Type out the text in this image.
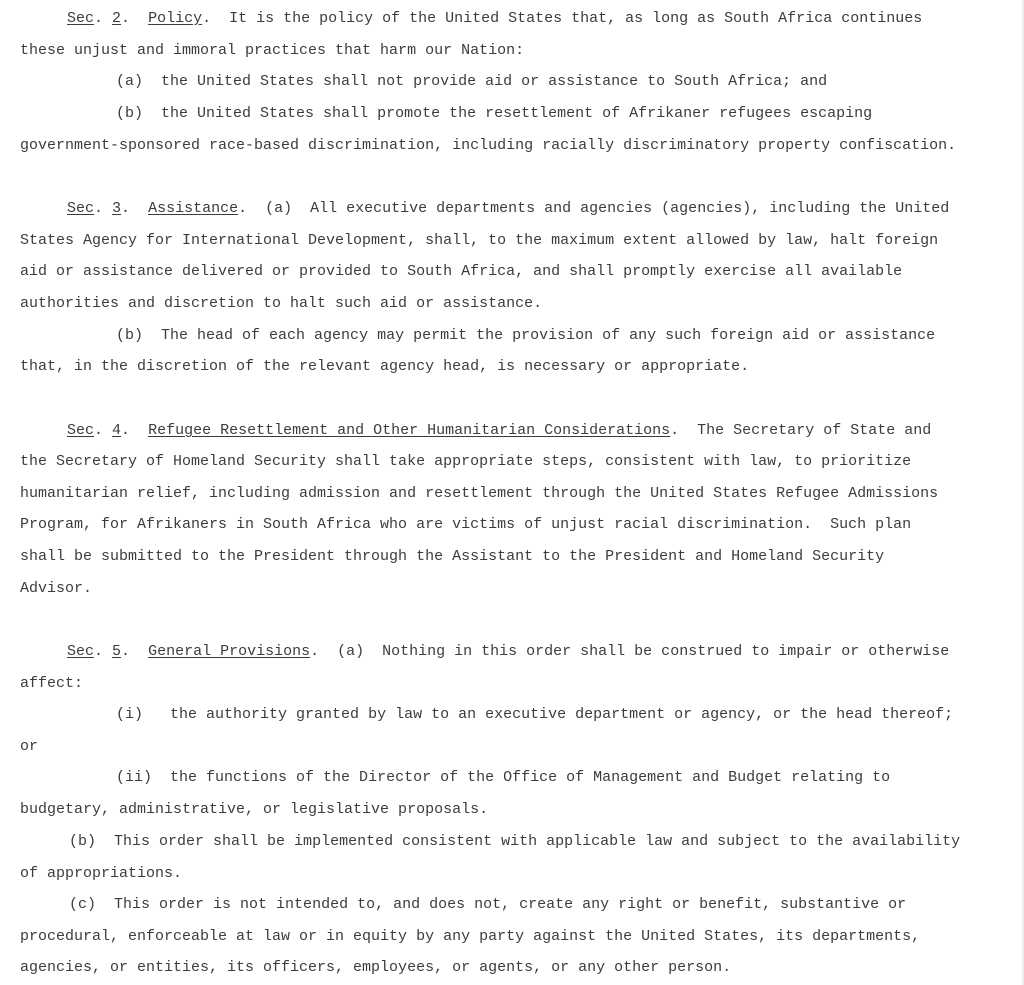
Sec. 2.  Policy.  It is the policy of the United States that, as long as South Africa continues
these unjust and immoral practices that harm our Nation:
(a) the United States shall not provide aid or assistance to South Africa; and
(b) the United States shall promote the resettlement of Afrikaner refugees escaping
government-sponsored race-based discrimination, including racially discriminatory property confiscation.
Sec. 3.  Assistance.  (a) All executive departments and agencies (agencies), including the United
States Agency for International Development, shall, to the maximum extent allowed by law, halt foreign
aid or assistance delivered or provided to South Africa, and shall promptly exercise all available
authorities and discretion to halt such aid or assistance.
(b) The head of each agency may permit the provision of any such foreign aid or assistance
that, in the discretion of the relevant agency head, is necessary or appropriate.
Sec. 4.  Refugee Resettlement and Other Humanitarian Considerations.  The Secretary of State and
the Secretary of Homeland Security shall take appropriate steps, consistent with law, to prioritize
humanitarian relief, including admission and resettlement through the United States Refugee Admissions
Program, for Afrikaners in South Africa who are victims of unjust racial discrimination.  Such plan
shall be submitted to the President through the Assistant to the President and Homeland Security
Advisor.
Sec. 5.  General Provisions.  (a) Nothing in this order shall be construed to impair or otherwise
affect:
(i) the authority granted by law to an executive department or agency, or the head thereof;
or
(ii) the functions of the Director of the Office of Management and Budget relating to
budgetary, administrative, or legislative proposals.
(b) This order shall be implemented consistent with applicable law and subject to the availability
of appropriations.
(c) This order is not intended to, and does not, create any right or benefit, substantive or
procedural, enforceable at law or in equity by any party against the United States, its departments,
agencies, or entities, its officers, employees, or agents, or any other person.
